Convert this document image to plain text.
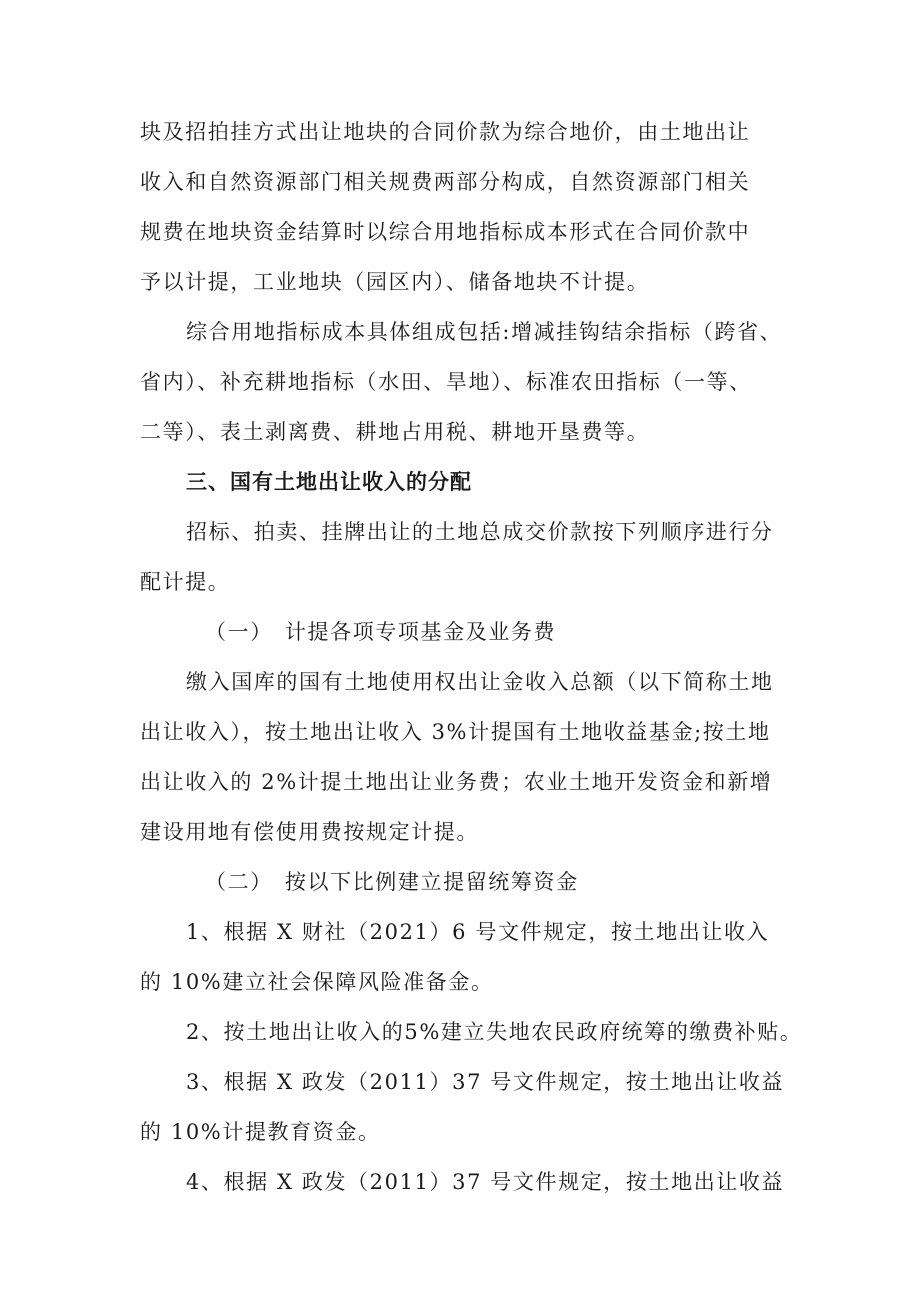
块及招拍挂方式出让地块的合同价款为综合地价，由土地出让
收入和自然资源部门相关规费两部分构成，自然资源部门相关
规费在地块资金结算时以综合用地指标成本形式在合同价款中
予以计提，工业地块（园区内）、储备地块不计提。
综合用地指标成本具体组成包括:增减挂钩结余指标（跨省、
省内）、补充耕地指标（水田、旱地）、标准农田指标（一等、
二等）、表土剥离费、耕地占用税、耕地开垦费等。
三、国有土地出让收入的分配
招标、拍卖、挂牌出让的土地总成交价款按下列顺序进行分
配计提。
（一）　计提各项专项基金及业务费
缴入国库的国有土地使用权出让金收入总额（以下简称土地
出让收入），按土地出让收入 3%计提国有土地收益基金;按土地
出让收入的 2%计提土地出让业务费；农业土地开发资金和新增
建设用地有偿使用费按规定计提。
（二）　按以下比例建立提留统筹资金
1、根据 X 财社（2021）6 号文件规定，按土地出让收入
的 10%建立社会保障风险准备金。
2、按土地出让收入的5%建立失地农民政府统筹的缴费补贴。
3、根据 X 政发（2011）37 号文件规定，按土地出让收益
的 10%计提教育资金。
4、根据 X 政发（2011）37 号文件规定，按土地出让收益
